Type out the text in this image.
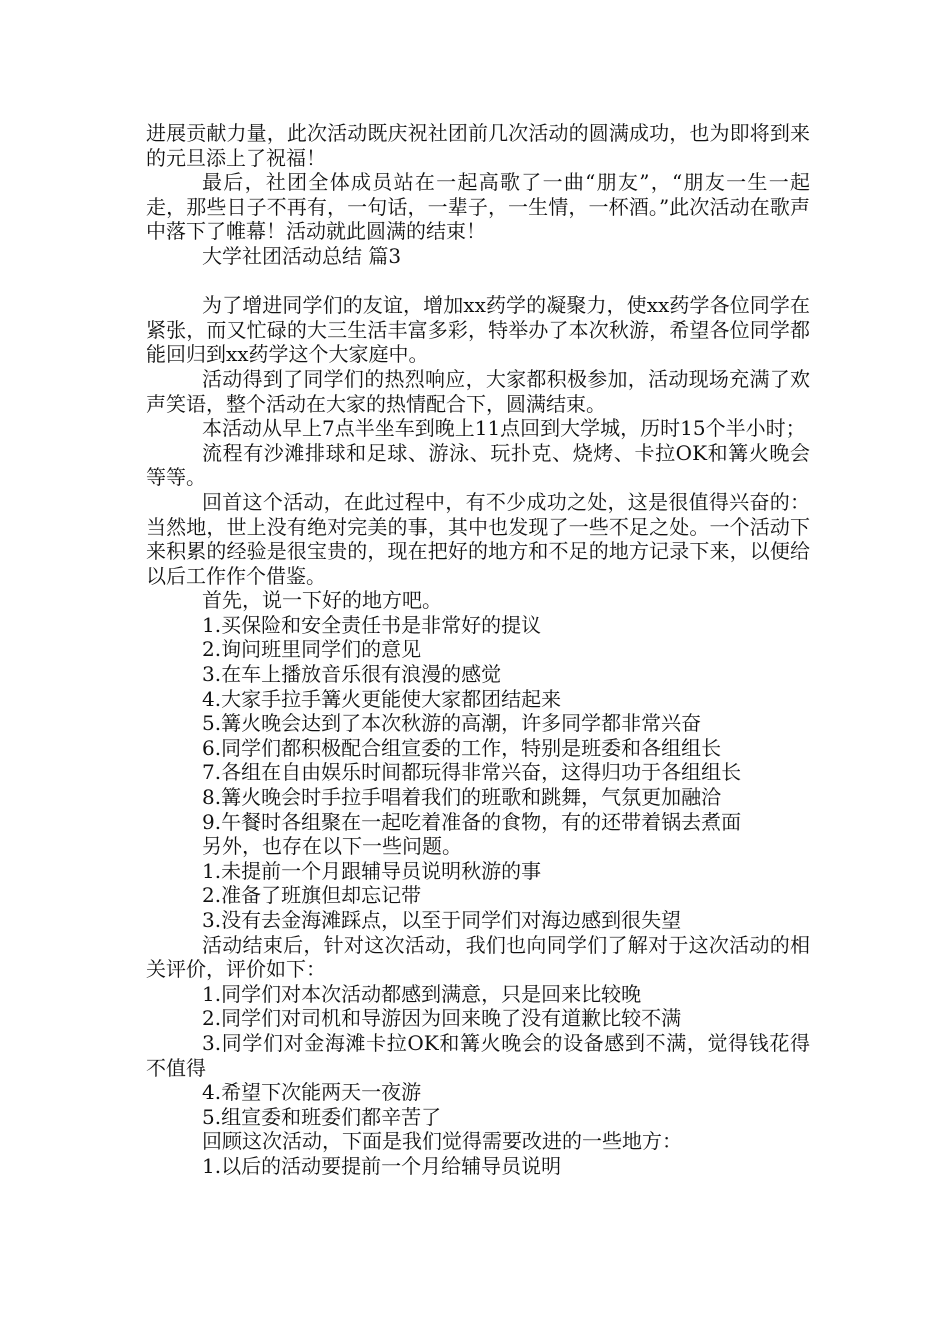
进展贡献力量，此次活动既庆祝社团前几次活动的圆满成功，也为即将到来的元旦添上了祝福！

最后，社团全体成员站在一起高歌了一曲“朋友”，“朋友一生一起走，那些日子不再有，一句话，一辈子，一生情，一杯酒。”此次活动在歌声中落下了帷幕！活动就此圆满的结束！

大学社团活动总结 篇3

为了增进同学们的友谊，增加xx药学的凝聚力，使xx药学各位同学在紧张，而又忙碌的大三生活丰富多彩，特举办了本次秋游，希望各位同学都能回归到xx药学这个大家庭中。

活动得到了同学们的热烈响应，大家都积极参加，活动现场充满了欢声笑语，整个活动在大家的热情配合下，圆满结束。

本活动从早上7点半坐车到晚上11点回到大学城，历时15个半小时；

流程有沙滩排球和足球、游泳、玩扑克、烧烤、卡拉OK和篝火晚会等等。

回首这个活动，在此过程中，有不少成功之处，这是很值得兴奋的：当然地，世上没有绝对完美的事，其中也发现了一些不足之处。一个活动下来积累的经验是很宝贵的，现在把好的地方和不足的地方记录下来，以便给以后工作作个借鉴。

首先，说一下好的地方吧。

1.买保险和安全责任书是非常好的提议

2.询问班里同学们的意见

3.在车上播放音乐很有浪漫的感觉

4.大家手拉手篝火更能使大家都团结起来

5.篝火晚会达到了本次秋游的高潮，许多同学都非常兴奋

6.同学们都积极配合组宣委的工作，特别是班委和各组组长

7.各组在自由娱乐时间都玩得非常兴奋，这得归功于各组组长

8.篝火晚会时手拉手唱着我们的班歌和跳舞，气氛更加融洽

9.午餐时各组聚在一起吃着准备的食物，有的还带着锅去煮面

另外，也存在以下一些问题。

1.未提前一个月跟辅导员说明秋游的事

2.准备了班旗但却忘记带

3.没有去金海滩踩点，以至于同学们对海边感到很失望

活动结束后，针对这次活动，我们也向同学们了解对于这次活动的相关评价，评价如下：

1.同学们对本次活动都感到满意，只是回来比较晚

2.同学们对司机和导游因为回来晚了没有道歉比较不满

3.同学们对金海滩卡拉OK和篝火晚会的设备感到不满，觉得钱花得不值得

4.希望下次能两天一夜游

5.组宣委和班委们都辛苦了

回顾这次活动，下面是我们觉得需要改进的一些地方：

1.以后的活动要提前一个月给辅导员说明
